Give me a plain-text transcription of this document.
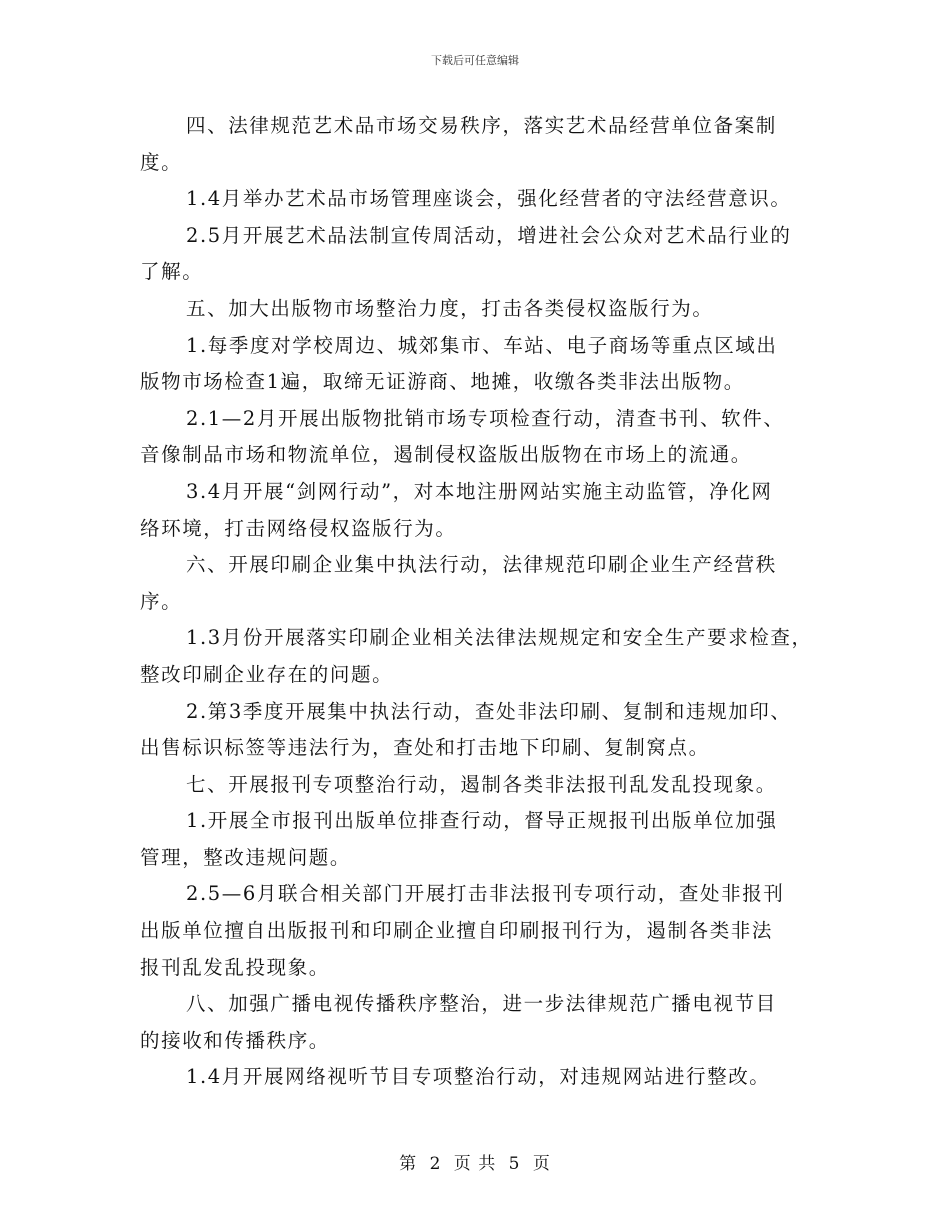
下载后可任意编辑

四、法律规范艺术品市场交易秩序，落实艺术品经营单位备案制

度。

1.4月举办艺术品市场管理座谈会，强化经营者的守法经营意识。

2.5月开展艺术品法制宣传周活动，增进社会公众对艺术品行业的

了解。

五、加大出版物市场整治力度，打击各类侵权盗版行为。

1.每季度对学校周边、城郊集市、车站、电子商场等重点区域出

版物市场检查1遍，取缔无证游商、地摊，收缴各类非法出版物。

2.1—2月开展出版物批销市场专项检查行动，清查书刊、软件、

音像制品市场和物流单位，遏制侵权盗版出版物在市场上的流通。

3.4月开展“剑网行动”，对本地注册网站实施主动监管，净化网

络环境，打击网络侵权盗版行为。

六、开展印刷企业集中执法行动，法律规范印刷企业生产经营秩

序。

1.3月份开展落实印刷企业相关法律法规规定和安全生产要求检查，

整改印刷企业存在的问题。

2.第3季度开展集中执法行动，查处非法印刷、复制和违规加印、

出售标识标签等违法行为，查处和打击地下印刷、复制窝点。

七、开展报刊专项整治行动，遏制各类非法报刊乱发乱投现象。

1.开展全市报刊出版单位排查行动，督导正规报刊出版单位加强

管理，整改违规问题。

2.5—6月联合相关部门开展打击非法报刊专项行动，查处非报刊

出版单位擅自出版报刊和印刷企业擅自印刷报刊行为，遏制各类非法

报刊乱发乱投现象。

八、加强广播电视传播秩序整治，进一步法律规范广播电视节目

的接收和传播秩序。

1.4月开展网络视听节目专项整治行动，对违规网站进行整改。

第 2 页 共 5 页
